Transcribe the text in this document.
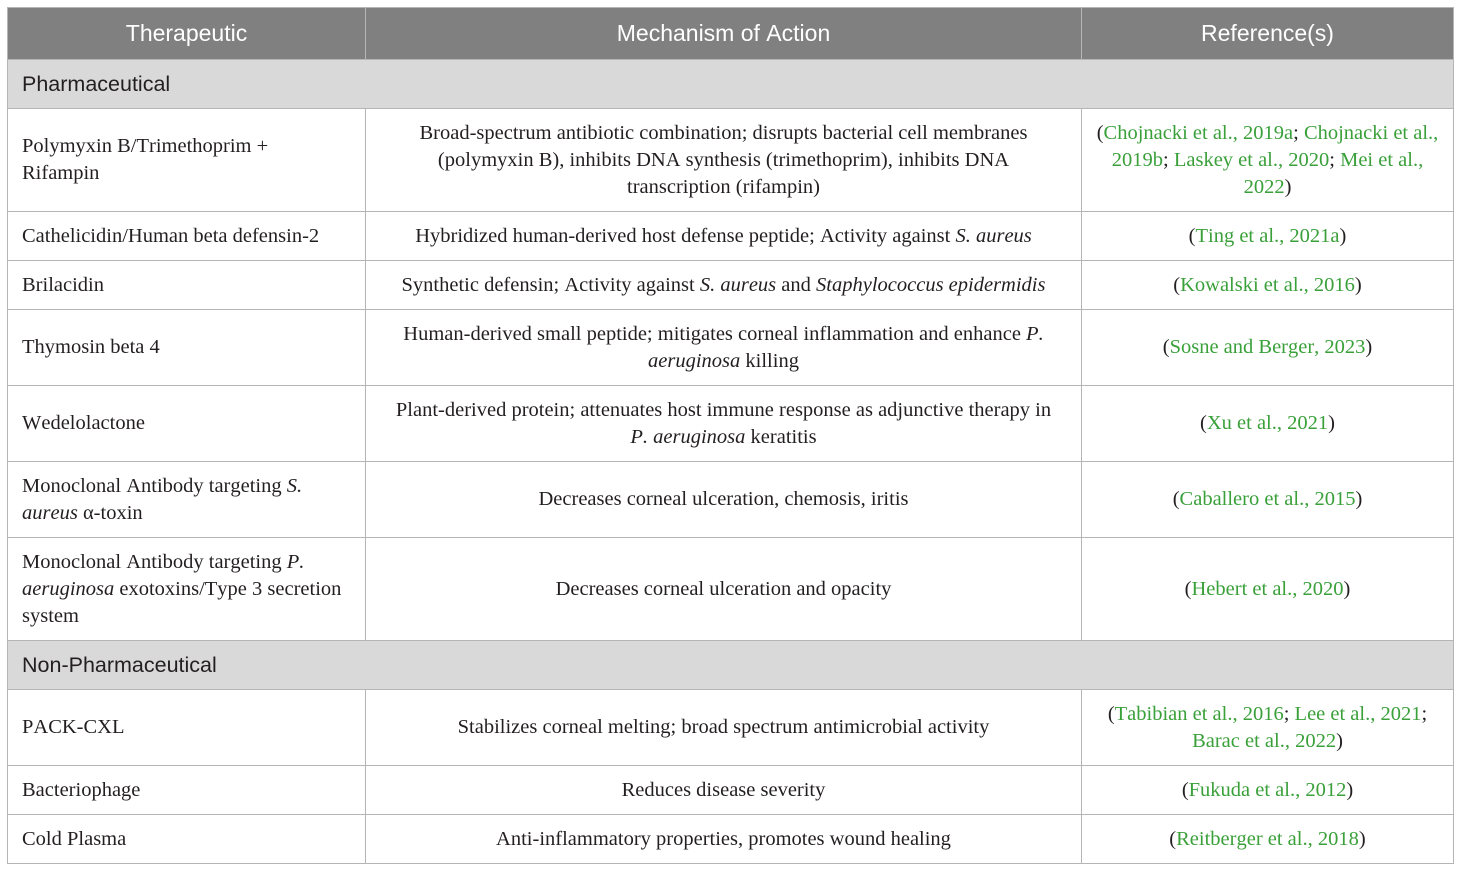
Therapeutic	Mechanism of Action	Reference(s)
Pharmaceutical		
Polymyxin B/Trimethoprim + Rifampin	Broad-spectrum antibiotic combination; disrupts bacterial cell membranes (polymyxin B), inhibits DNA synthesis (trimethoprim), inhibits DNA transcription (rifampin)	(Chojnacki et al., 2019a; Chojnacki et al., 2019b; Laskey et al., 2020; Mei et al., 2022)
Cathelicidin/Human beta defensin-2	Hybridized human-derived host defense peptide; Activity against S. aureus	(Ting et al., 2021a)
Brilacidin	Synthetic defensin; Activity against S. aureus and Staphylococcus epidermidis	(Kowalski et al., 2016)
Thymosin beta 4	Human-derived small peptide; mitigates corneal inflammation and enhance P. aeruginosa killing	(Sosne and Berger, 2023)
Wedelolactone	Plant-derived protein; attenuates host immune response as adjunctive therapy in P. aeruginosa keratitis	(Xu et al., 2021)
Monoclonal Antibody targeting S. aureus α-toxin	Decreases corneal ulceration, chemosis, iritis	(Caballero et al., 2015)
Monoclonal Antibody targeting P. aeruginosa exotoxins/Type 3 secretion system	Decreases corneal ulceration and opacity	(Hebert et al., 2020)
Non-Pharmaceutical		
PACK-CXL	Stabilizes corneal melting; broad spectrum antimicrobial activity	(Tabibian et al., 2016; Lee et al., 2021; Barac et al., 2022)
Bacteriophage	Reduces disease severity	(Fukuda et al., 2012)
Cold Plasma	Anti-inflammatory properties, promotes wound healing	(Reitberger et al., 2018)
